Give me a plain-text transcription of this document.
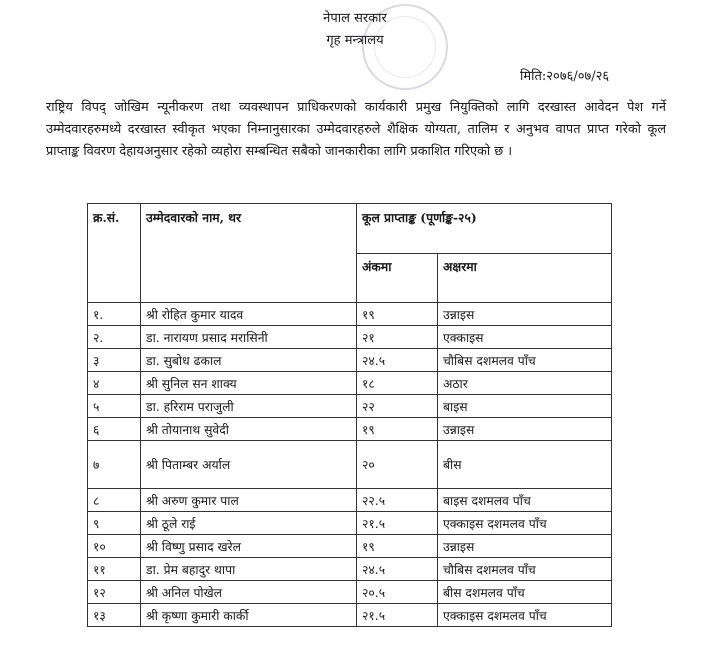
नेपाल सरकार
गृह मन्त्रालय
मिति:२०७६/०७/२६
राष्ट्रिय विपद् जोखिम न्यूनीकरण तथा व्यवस्थापन प्राधिकरणको कार्यकारी प्रमुख नियुक्तिको लागि दरखास्त आवेदन पेश गर्ने उम्मेदवारहरुमध्ये दरखास्त स्वीकृत भएका निम्नानुसारका उम्मेदवारहरुले शैक्षिक योग्यता, तालिम र अनुभव वापत प्राप्त गरेको कूल प्राप्ताङ्क विवरण देहायअनुसार रहेको व्यहोरा सम्बन्धित सबैको जानकारीका लागि प्रकाशित गरिएको छ ।
क्र.सं.	उम्मेदवारको नाम, थर	कूल प्राप्ताङ्क (पूर्णाङ्क-२५)	
		अंकमा	अक्षरमा
१.	श्री रोहित कुमार यादव	१९	उन्नाइस
२.	डा. नारायण प्रसाद मरासिनी	२१	एक्काइस
३	डा. सुबोध ढकाल	२४.५	चौबिस दशमलव पाँच
४	श्री सुनिल सन शाक्य	१८	अठार
५	डा. हरिराम पराजुली	२२	बाइस
६	श्री तोयानाथ सुवेदी	१९	उन्नाइस
७	श्री पिताम्बर अर्याल	२०	बीस
८	श्री अरुण कुमार पाल	२२.५	बाइस दशमलव पाँच
९	श्री ठूले राई	२१.५	एक्काइस दशमलव पाँच
१०	श्री विष्णु प्रसाद खरेल	१९	उन्नाइस
११	डा. प्रेम बहादुर थापा	२४.५	चौबिस दशमलव पाँच
१२	श्री अनिल पोखेल	२०.५	बीस दशमलव पाँच
१३	श्री कृष्णा कुमारी कार्की	२१.५	एक्काइस दशमलव पाँच
